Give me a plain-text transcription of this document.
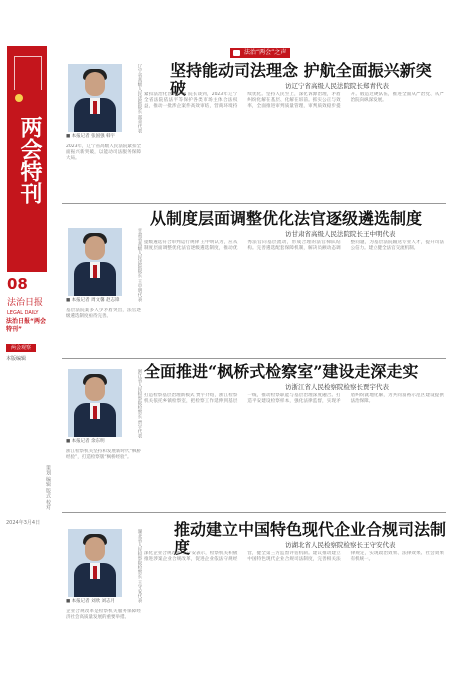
法治“两会”之声
两会特刊
08
法治日报
LEGAL DAILY
法治日报“两会特刊”
两会观察
本版编辑
策划 编辑 版式 校对
2024年3月4日
坚持能动司法理念 护航全面振兴新突破	访辽宁省高级人民法院院长郑青代表
■ 本报记者 张国强 韩宇
辽宁省高级人民法院院长 郑青代表 紧扣法治化营商环境 院长谈到，2023年辽宁全省法院依法平等保护各类市场主体合法权益，推动一批涉企案件高效审结，营商环境持续优化。坚持人民至上，深化诉源治理，矛盾纠纷化解在基层、化解在诉前。抓实公正与效率，全面推进审判质量管理，审判质效稳步提升。锻造过硬队伍，推进全面从严治党、从严治院向纵深发展。
2023年，辽宁省高级人民法院紧扣全面振兴新突破，以能动司法服务保障大局。
从制度层面调整优化法官逐级遴选制度
访甘肃省高级人民法院院长王中明代表
■ 本报记者 周文馨 赵志锋	甘肃省高级人民法院院长 王中明代表 提级遴选符合审判运行规律 王中明认为，应从制度层面调整优化法官逐级遴选制度，推动优秀法官向基层流动，形成合理的法官梯队结构。完善遴选配套保障机制，解决员额动态调整问题，为基层法院输送专业人才，提升司法公信力。建立健全法官交流机制。
基层法院案多人少矛盾突出，法官逐级遴选制度亟待完善。
全面推进“枫桥式检察室”建设走深走实
访浙江省人民检察院检察长贾宇代表
■ 本报记者 余东明
浙江省人民检察院检察长 贾宇代表 打造检察基层治理新模式 贾宇介绍，浙江检察机关依托乡镇检察室，把检察工作延伸到基层一线，推动检察职能与基层治理深度融合。打造平安建设检察样本，强化法律监督，实现矛盾纠纷就地化解，为共同富裕示范区建设提供法治保障。
浙江检察机关坚持和发展新时代“枫桥经验”，打造检察版“枫桥经验”。
推动建立中国特色现代企业合规司法制度	访湖北省人民检察院检察长王守安代表
■ 本报记者 刘欣 刘志月	湖北省人民检察院检察长 王守安代表 深化企业合规改革 王守安表示，检察机关积极推进涉案企业合规改革，促进企业依法守规经营，健全第三方监督评估机制。建议推动建立中国特色现代企业合规司法制度，完善相关法律规定，实现政治效果、法律效果、社会效果有机统一。
企业合规改革是检察机关服务保障经济社会高质量发展的重要举措。
